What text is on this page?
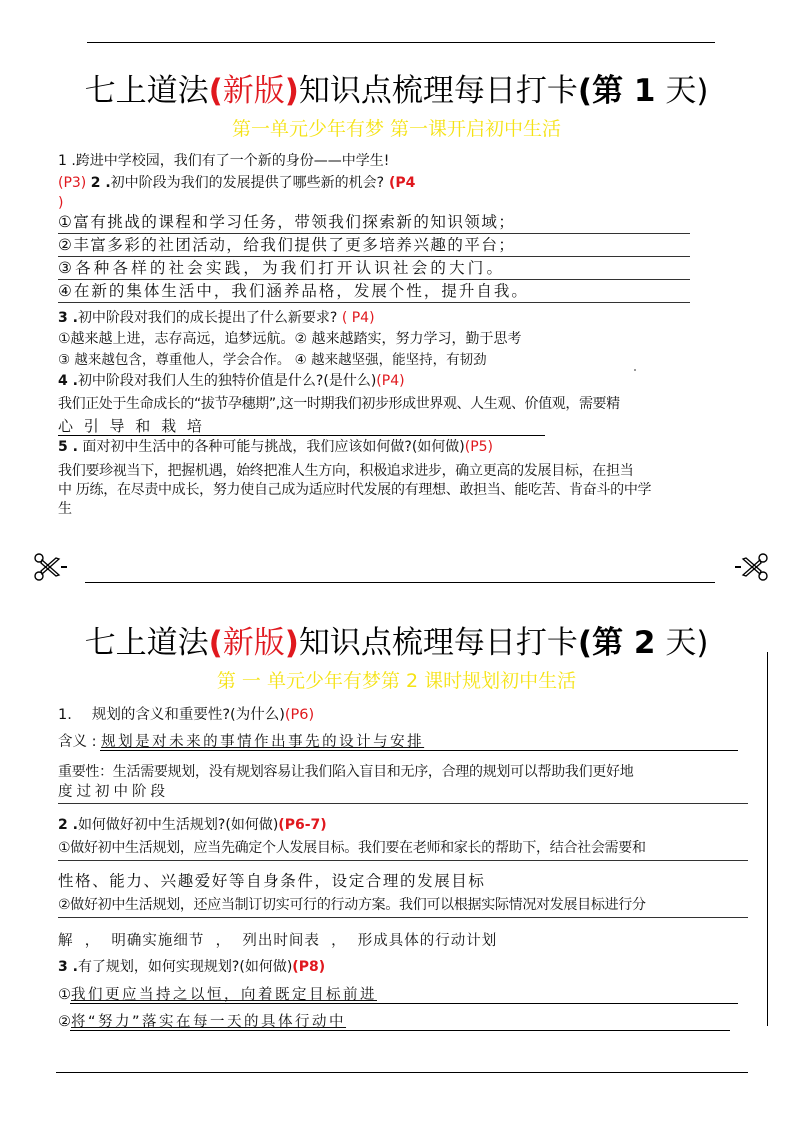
七上道法(新版)知识点梳理每日打卡(第 1 天)
第一单元少年有梦 第一课开启初中生活
1 .跨进中学校园，我们有了一个新的身份——中学生!
(P3) 2 .初中阶段为我们的发展提供了哪些新的机会? (P4
)
①富有挑战的课程和学习任务，带领我们探索新的知识领域；
②丰富多彩的社团活动，给我们提供了更多培养兴趣的平台；
③各种各样的社会实践，为我们打开认识社会的大门。
④在新的集体生活中，我们涵养品格，发展个性，提升自我。
3 .初中阶段对我们的成长提出了什么新要求? ( P4)
①越来越上进，志存高远，追梦远航。② 越来越踏实，努力学习，勤于思考
③ 越来越包含，尊重他人，学会合作。 ④ 越来越坚强，能坚持，有韧劲
4 .初中阶段对我们人生的独特价值是什么?(是什么)(P4)
我们正处于生命成长的“拔节孕穗期”,这一时期我们初步形成世界观、人生观、价值观，需要精
心 引 导 和 栽 培
5 . 面对初中生活中的各种可能与挑战，我们应该如何做?(如何做)(P5)
我们要珍视当下，把握机遇，始终把准人生方向，积极追求进步，确立更高的发展目标，在担当
中 历练，在尽责中成长，努力使自己成为适应时代发展的有理想、敢担当、能吃苦、肯奋斗的中学
生
七上道法(新版)知识点梳理每日打卡(第 2 天)
第 一 单元少年有梦第 2 课时规划初中生活
1. 规划的含义和重要性?(为什么)(P6)
含义 : 规划是对未来的事情作出事先的设计与安排
重要性：生活需要规划，没有规划容易让我们陷入盲目和无序，合理的规划可以帮助我们更好地
度过初中阶段
2 .如何做好初中生活规划?(如何做)(P6-7)
①做好初中生活规划，应当先确定个人发展目标。我们要在老师和家长的帮助下，结合社会需要和
性格、能力、兴趣爱好等自身条件，设定合理的发展目标
②做好初中生活规划，还应当制订切实可行的行动方案。我们可以根据实际情况对发展目标进行分
解  ，  明确实施细节  ，  列出时间表  ，  形成具体的行动计划
3 .有了规划，如何实现规划?(如何做)(P8)
①我们更应当持之以恒，向着既定目标前进
②将“努力”落实在每一天的具体行动中
